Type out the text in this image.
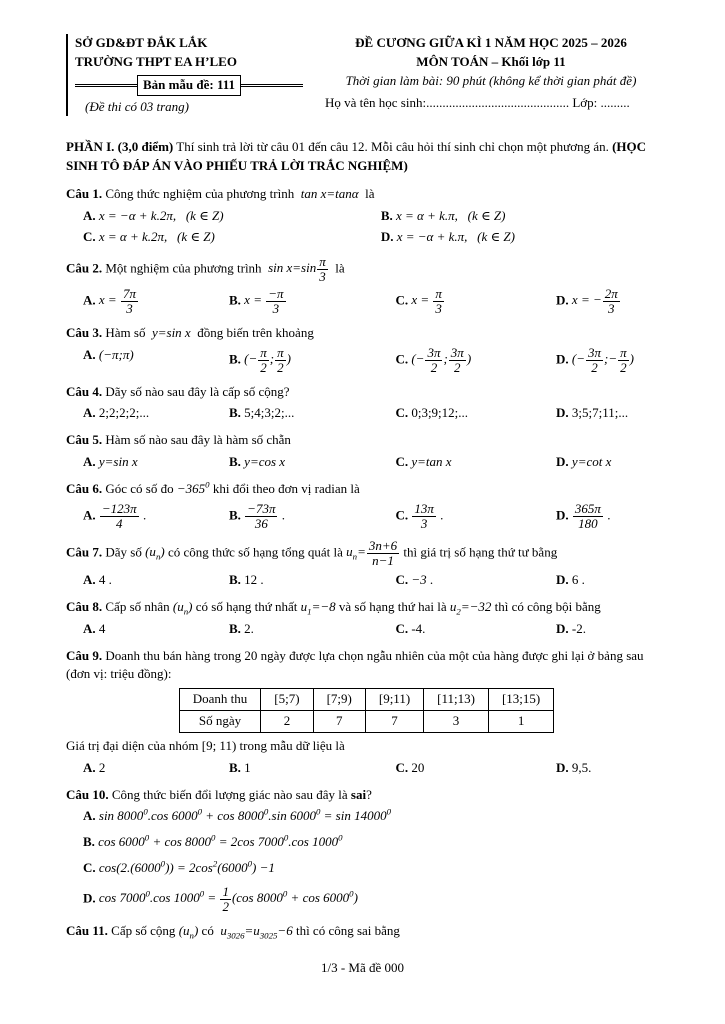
SỞ GD&ĐT ĐẮK LẮK
TRƯỜNG THPT EA H’LEO
Bản mẫu đề: 111
(Đề thi có 03 trang)
ĐỀ CƯƠNG GIỮA KÌ 1 NĂM HỌC 2025 – 2026
MÔN TOÁN – Khối lớp 11
Thời gian làm bài: 90 phút (không kể thời gian phát đề)
Họ và tên học sinh:............................................ Lớp: .........

PHẦN I. (3,0 điểm) Thí sinh trả lời từ câu 01 đến câu 12. Mỗi câu hỏi thí sinh chỉ chọn một phương án. (HỌC SINH TÔ ĐÁP ÁN VÀO PHIẾU TRẢ LỜI TRẮC NGHIỆM)

Câu 1. Công thức nghiệm của phương trình  tan x=tanα  là

A. x = −α + k.2π,   (k ∈ Z)	B. x = α + k.π,   (k ∈ Z)
C. x = α + k.2π,   (k ∈ Z)	D. x = −α + k.π,   (k ∈ Z)

Câu 2. Một nghiệm của phương trình  $\sin x=\sin \frac{\pi}{3}$ là

A. $x = \frac{7\pi}{3}$	B. $x = \frac{-\pi}{3}$	C. $x = \frac{\pi}{3}$	D. x = − $\frac{2\pi}{3}$

Câu 3. Hàm số  y=sin x  đồng biến trên khoảng

A. (−π;π)	B. (− $\frac{\pi}{2}$ ; $\frac{\pi}{2}$ )	C. (− $\frac{3\pi}{2}$ ; $\frac{3\pi}{2}$ )	D. (− $\frac{3\pi}{2}$ ;− $\frac{\pi}{2}$ )

Câu 4. Dãy số nào sau đây là cấp số cộng?

A. 2;2;2;2;...	B. 5;4;3;2;...	C. 0;3;9;12;...	D. 3;5;7;11;...

Câu 5. Hàm số nào sau đây là hàm số chẵn

A. y=sin x	B. y=cos x	C. y=tan x	D. y=cot x

Câu 6. Góc có số đo $-365^0$ khi đổi theo đơn vị radian là

A. $\frac{-123\pi}{4}$ .	B. $\frac{-73\pi}{36}$ .	C. $\frac{13\pi}{3}$ .	D. $\frac{365\pi}{180}$ .

Câu 7. Dãy số $(u_n)$ có công thức số hạng tổng quát là $u_n= \frac{3n+6}{n-1}$ thì giá trị số hạng thứ tư bằng

A. 4 .	B. 12 .	C. −3 .	D. 6 .

Câu 8. Cấp số nhân $(u_n)$ có số hạng thứ nhất $u_1=-8$ và số hạng thứ hai là $u_2=-32$ thì có công bội bằng

A. 4	B. 2.	C. -4.	D. -2.

Câu 9. Doanh thu bán hàng trong 20 ngày được lựa chọn ngẫu nhiên của một của hàng được ghi lại ở bảng sau (đơn vị: triệu đồng):

Doanh thu	[5;7)	[7;9)	[9;11)	[11;13)	[13;15)
Số ngày	2	7	7	3	1

Giá trị đại diện của nhóm [9; 11) trong mẫu dữ liệu là

A. 2	B. 1	C. 20	D. 9,5.

Câu 10. Công thức biến đổi lượng giác nào sau đây là sai?

A. sin 8000$^0$.cos $6000^0 + \cos 8000^0.\sin$ $6000^0 = \sin 14000^0$
B. $\cos 6000^0 + \cos 8000^0 = 2\cos$ 7000$^0$.cos 1000$^0$
C. $\cos(2.(6000^0)) = 2\cos^2(6000^0) -1$
D. cos 7000$^0$.cos $1000^0 = \frac{1}{2} (\cos$ $8000^0 + \cos 6000^0$)

Câu 11. Cấp số cộng $(u_n)$ có  $u_{3026}=u_{3025}-6$ thì có công sai bằng

1/3 - Mã đề 000
